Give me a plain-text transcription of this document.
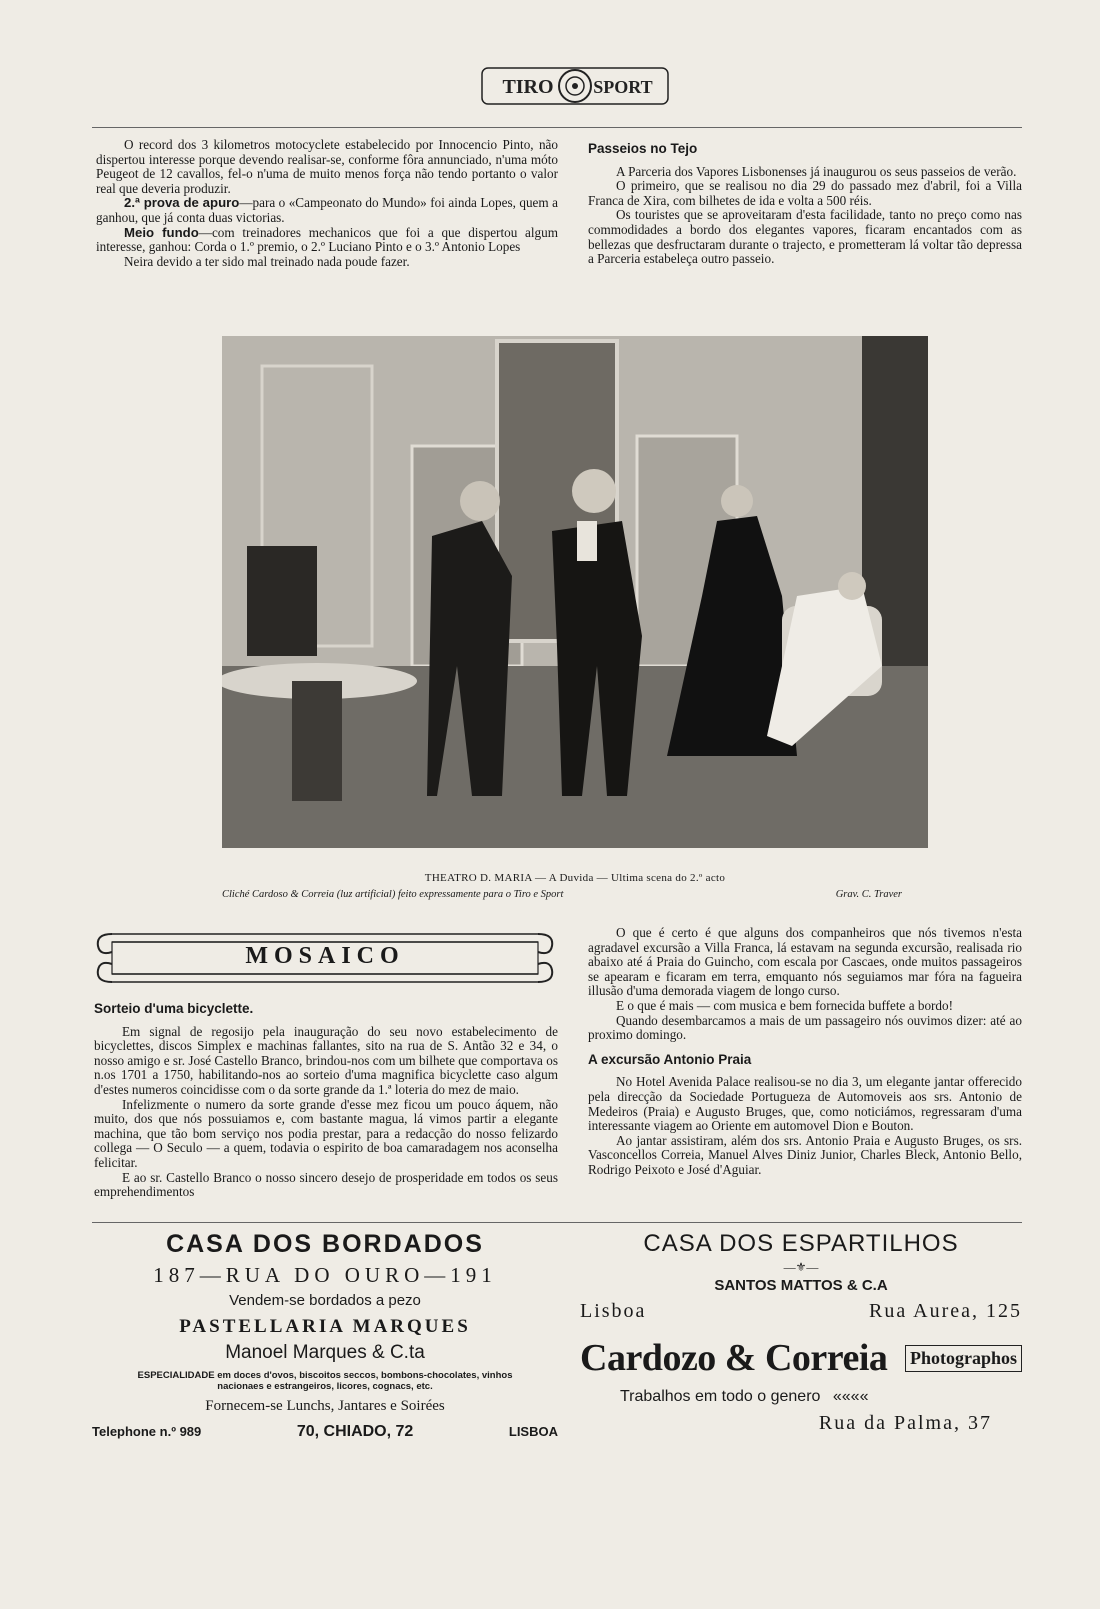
TIRO SPORT

O record dos 3 kilometros motocyclete estabelecido por Innocencio Pinto, não dispertou interesse porque devendo realisar-se, conforme fôra annunciado, n'uma móto Peugeot de 12 cavallos, fel-o n'uma de muito menos força não tendo portanto o valor real que deveria produzir.

2.ª prova de apuro—para o «Campeonato do Mundo» foi ainda Lopes, quem a ganhou, que já conta duas victorias.

Meio fundo—com treinadores mechanicos que foi a que dispertou algum interesse, ganhou: Corda o 1.º premio, o 2.º Luciano Pinto e o 3.º Antonio Lopes

Neira devido a ter sido mal treinado nada poude fazer.

Passeios no Tejo

A Parceria dos Vapores Lisbonenses já inaugurou os seus passeios de verão.

O primeiro, que se realisou no dia 29 do passado mez d'abril, foi a Villa Franca de Xira, com bilhetes de ida e volta a 500 réis.

Os touristes que se aproveitaram d'esta facilidade, tanto no preço como nas commodidades a bordo dos elegantes vapores, ficaram encantados com as bellezas que desfructaram durante o trajecto, e prometteram lá voltar tão depressa a Parceria estabeleça outro passeio.

THEATRO D. MARIA — A Duvida — Ultima scena do 2.º acto
Cliché Cardoso & Correia (luz artificial) feito expressamente para o Tiro e Sport	Grav. C. Traver
MOSAICO
Sorteio d'uma bicyclette.

Em signal de regosijo pela inauguração do seu novo estabelecimento de bicyclettes, discos Simplex e machinas fallantes, sito na rua de S. Antão 32 e 34, o nosso amigo e sr. José Castello Branco, brindou-nos com um bilhete que comportava os n.os 1701 a 1750, habilitando-nos ao sorteio d'uma magnifica bicyclette caso algum d'estes numeros coincidisse com o da sorte grande da 1.ª loteria do mez de maio.

Infelizmente o numero da sorte grande d'esse mez ficou um pouco áquem, não muito, dos que nós possuiamos e, com bastante magua, lá vimos partir a elegante machina, que tão bom serviço nos podia prestar, para a redacção do nosso felizardo collega — O Seculo — a quem, todavia o espirito de boa camaradagem nos aconselha felicitar.

E ao sr. Castello Branco o nosso sincero desejo de prosperidade em todos os seus emprehendimentos

O que é certo é que alguns dos companheiros que nós tivemos n'esta agradavel excursão a Villa Franca, lá estavam na segunda excursão, realisada rio abaixo até á Praia do Guincho, com escala por Cascaes, onde muitos passageiros se apearam e ficaram em terra, emquanto nós seguiamos mar fóra na fagueira illusão d'uma demorada viagem de longo curso.

E o que é mais — com musica e bem fornecida buffete a bordo!

Quando desembarcamos a mais de um passageiro nós ouvimos dizer: até ao proximo domingo.

A excursão Antonio Praia

No Hotel Avenida Palace realisou-se no dia 3, um elegante jantar offerecido pela direcção da Sociedade Portugueza de Automoveis aos srs. Antonio de Medeiros (Praia) e Augusto Bruges, que, como noticiámos, regressaram d'uma interessante viagem ao Oriente em automovel Dion e Bouton.

Ao jantar assistiram, além dos srs. Antonio Praia e Augusto Bruges, os srs. Vasconcellos Correia, Manuel Alves Diniz Junior, Charles Bleck, Antonio Bello, Rodrigo Peixoto e José d'Aguiar.

CASA DOS BORDADOS
187—RUA DO OURO—191
Vendem-se bordados a pezo
PASTELLARIA MARQUES
Manoel Marques & C.ta
ESPECIALIDADE em doces d'ovos, biscoitos seccos, bombons-chocolates, vinhos nacionaes e estrangeiros, licores, cognacs, etc.
Fornecem-se Lunchs, Jantares e Soirées
Telephone n.º 989	70, CHIADO, 72	LISBOA
CASA DOS ESPARTILHOS
—⚜—
SANTOS MATTOS & C.A
Lisboa	Rua Aurea, 125
Cardozo & Correia Photographos
Trabalhos em todo o genero ««««
Rua da Palma, 37
